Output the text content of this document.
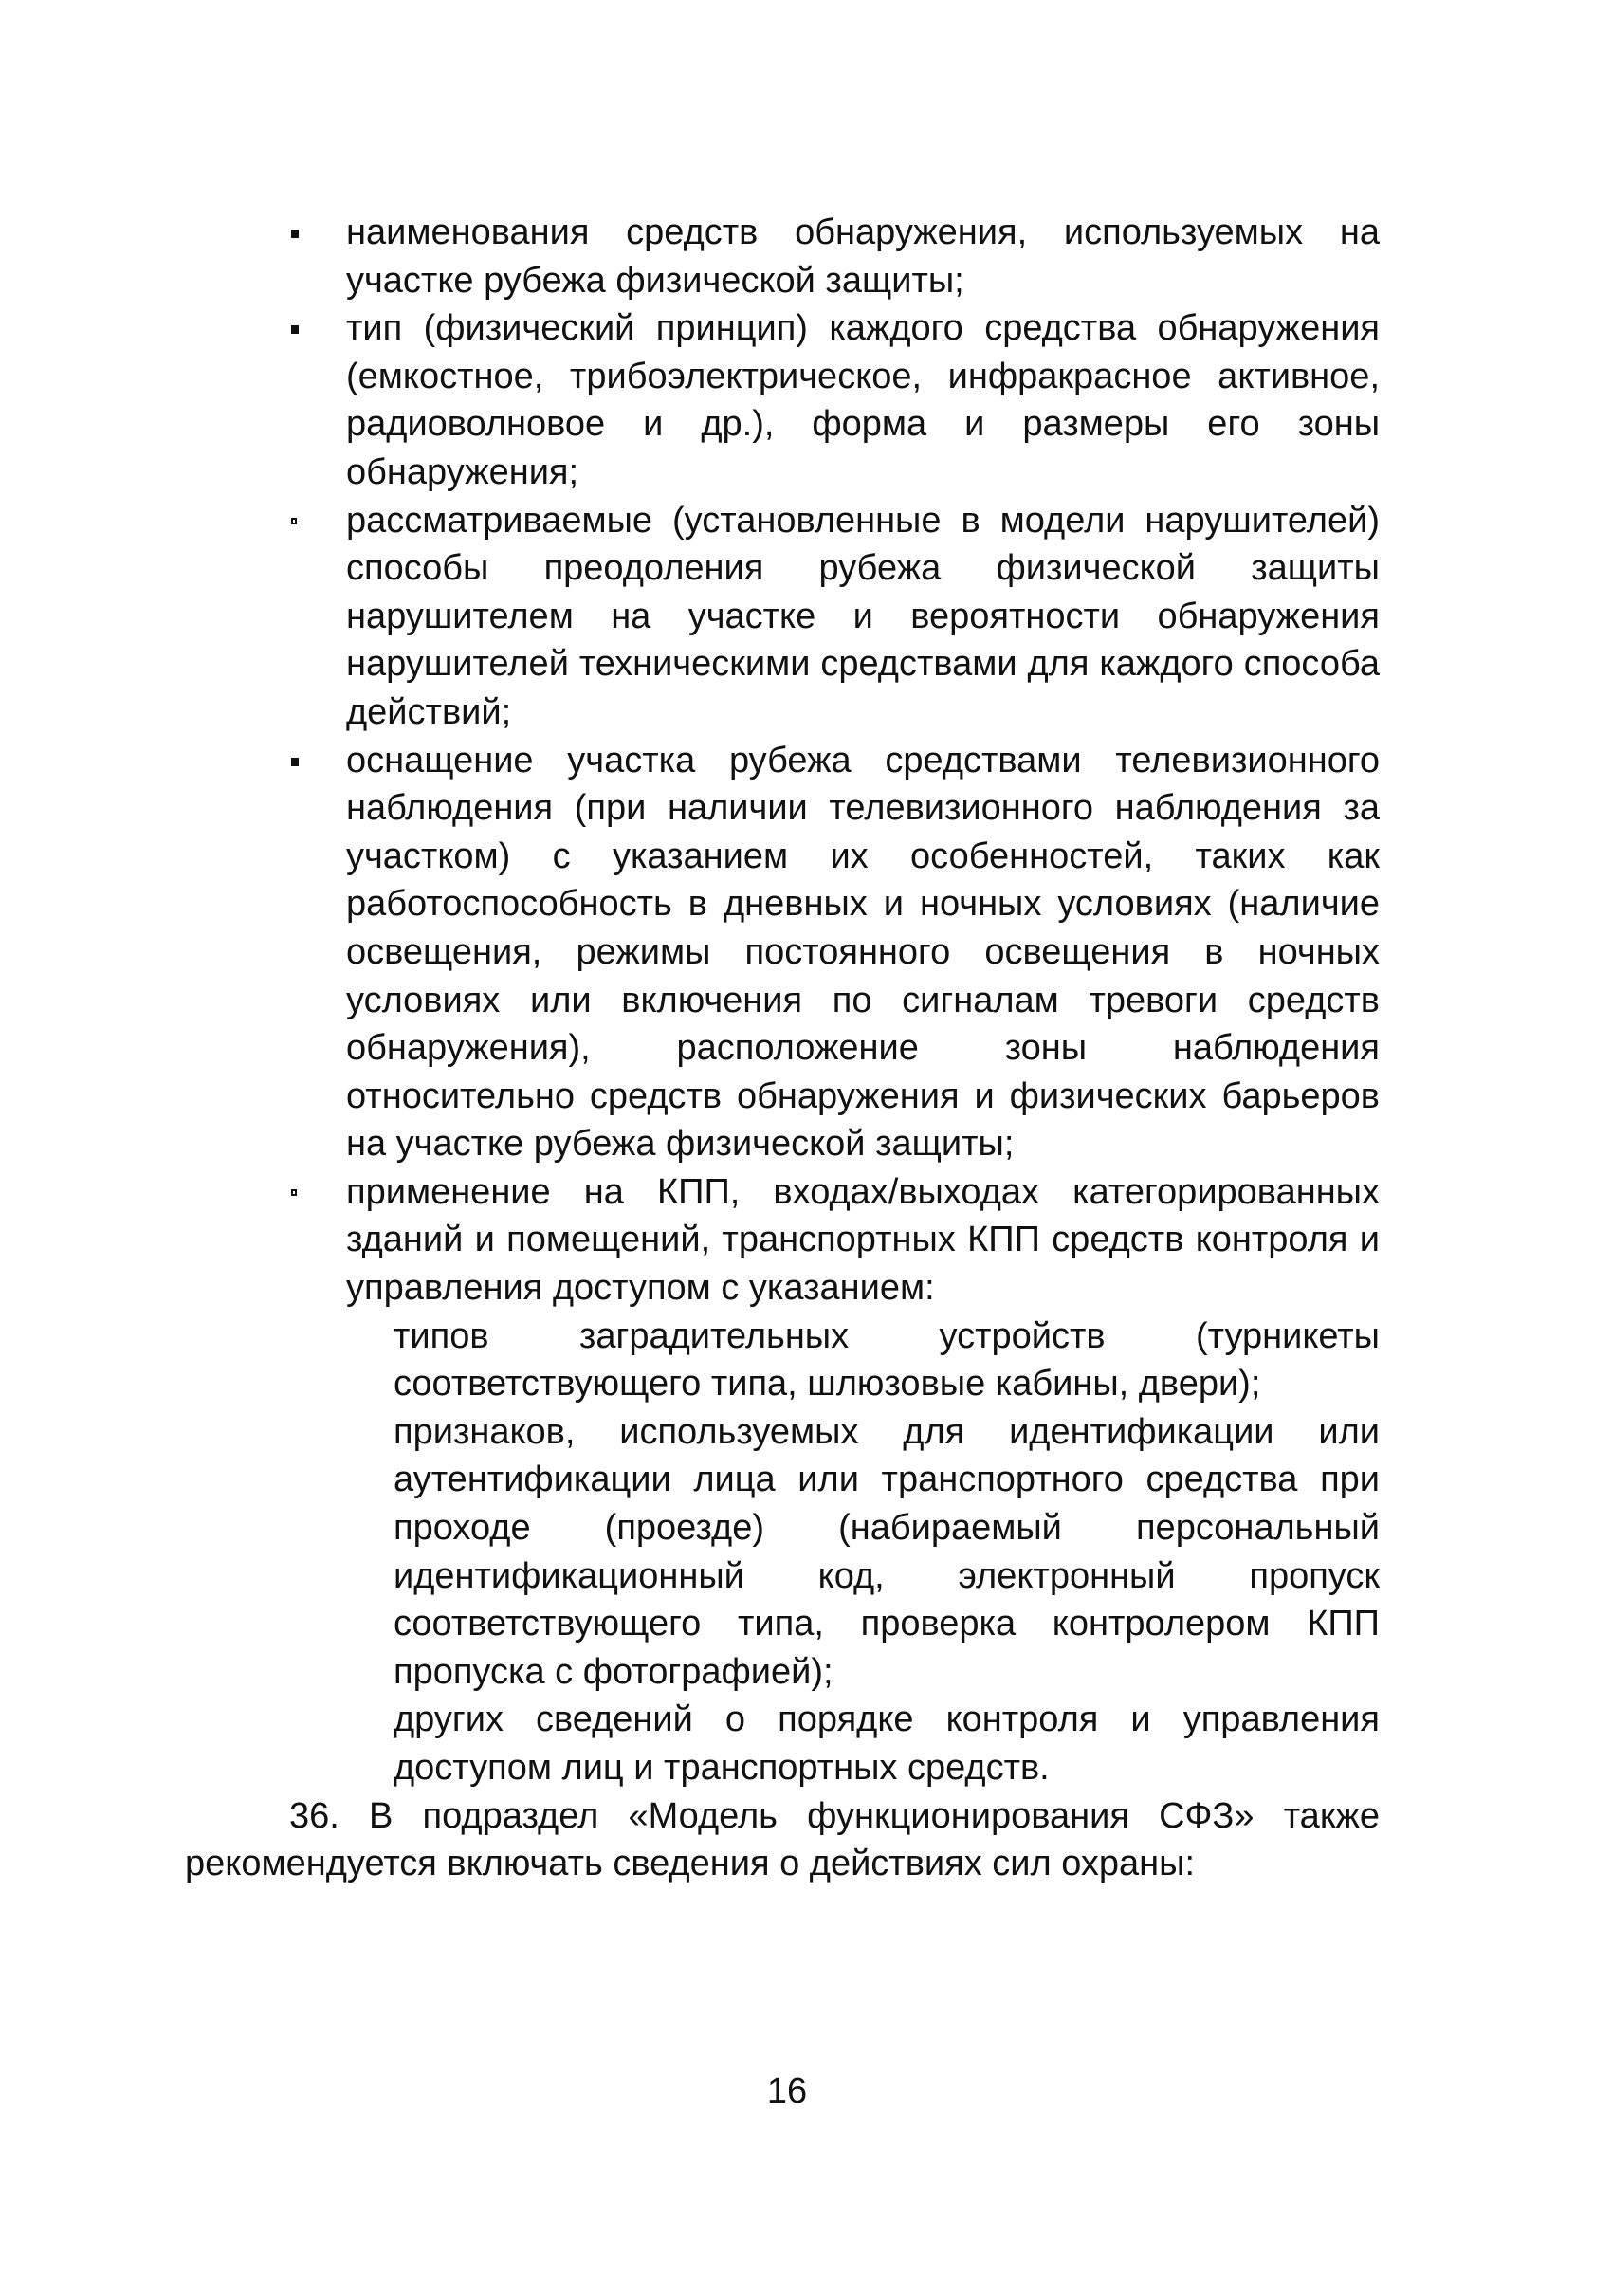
наименования средств обнаружения, используемых на участке рубежа физической защиты;
тип (физический принцип) каждого средства обнаружения (емкостное, трибоэлектрическое, инфракрасное активное, радиоволновое и др.), форма и размеры его зоны обнаружения;
рассматриваемые (установленные в модели нарушителей) способы преодоления рубежа физической защиты нарушителем на участке и вероятности обнаружения нарушителей техническими средствами для каждого способа действий;
оснащение участка рубежа средствами телевизионного наблюдения (при наличии телевизионного наблюдения за участком) с указанием их особенностей, таких как работоспособность в дневных и ночных условиях (наличие освещения, режимы постоянного освещения в ночных условиях или включения по сигналам тревоги средств обнаружения), расположение зоны наблюдения относительно средств обнаружения и физических барьеров на участке рубежа физической защиты;
применение на КПП, входах/выходах категорированных зданий и помещений, транспортных КПП средств контроля и управления доступом с указанием:
типов заградительных устройств (турникеты соответствующего типа, шлюзовые кабины, двери);
признаков, используемых для идентификации или аутентификации лица или транспортного средства при проходе (проезде) (набираемый персональный идентификационный код, электронный пропуск соответствующего типа, проверка контролером КПП пропуска с фотографией);
других сведений о порядке контроля и управления доступом лиц и транспортных средств.

36. В подраздел «Модель функционирования СФЗ» также рекомендуется включать сведения о действиях сил охраны:

16
